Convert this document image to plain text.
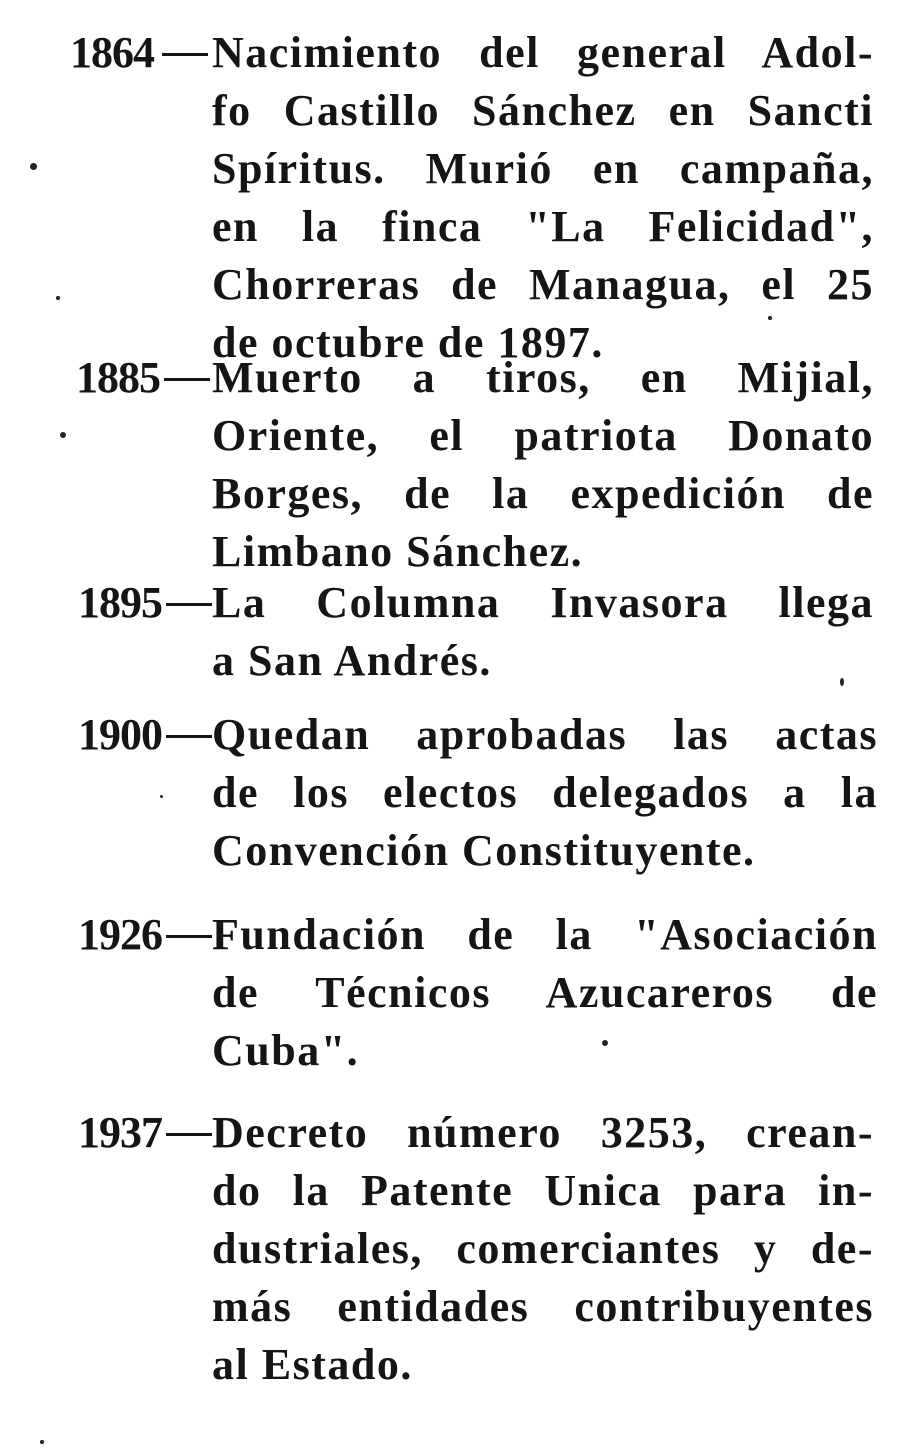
1864 Nacimiento del general Adol-
fo Castillo Sánchez en Sancti
Spíritus. Murió en campaña,
en la finca "La Felicidad",
Chorreras de Managua, el 25
de octubre de 1897.
1885 Muerto a tiros, en Mijial,
Oriente, el patriota Donato
Borges, de la expedición de
Limbano Sánchez.
1895 La Columna Invasora llega
a San Andrés.
1900 Quedan aprobadas las actas
de los electos delegados a la
Convención Constituyente.
1926 Fundación de la "Asociación
de Técnicos Azucareros de
Cuba".
1937 Decreto número 3253, crean-
do la Patente Unica para in-
dustriales, comerciantes y de-
más entidades contribuyentes
al Estado.
